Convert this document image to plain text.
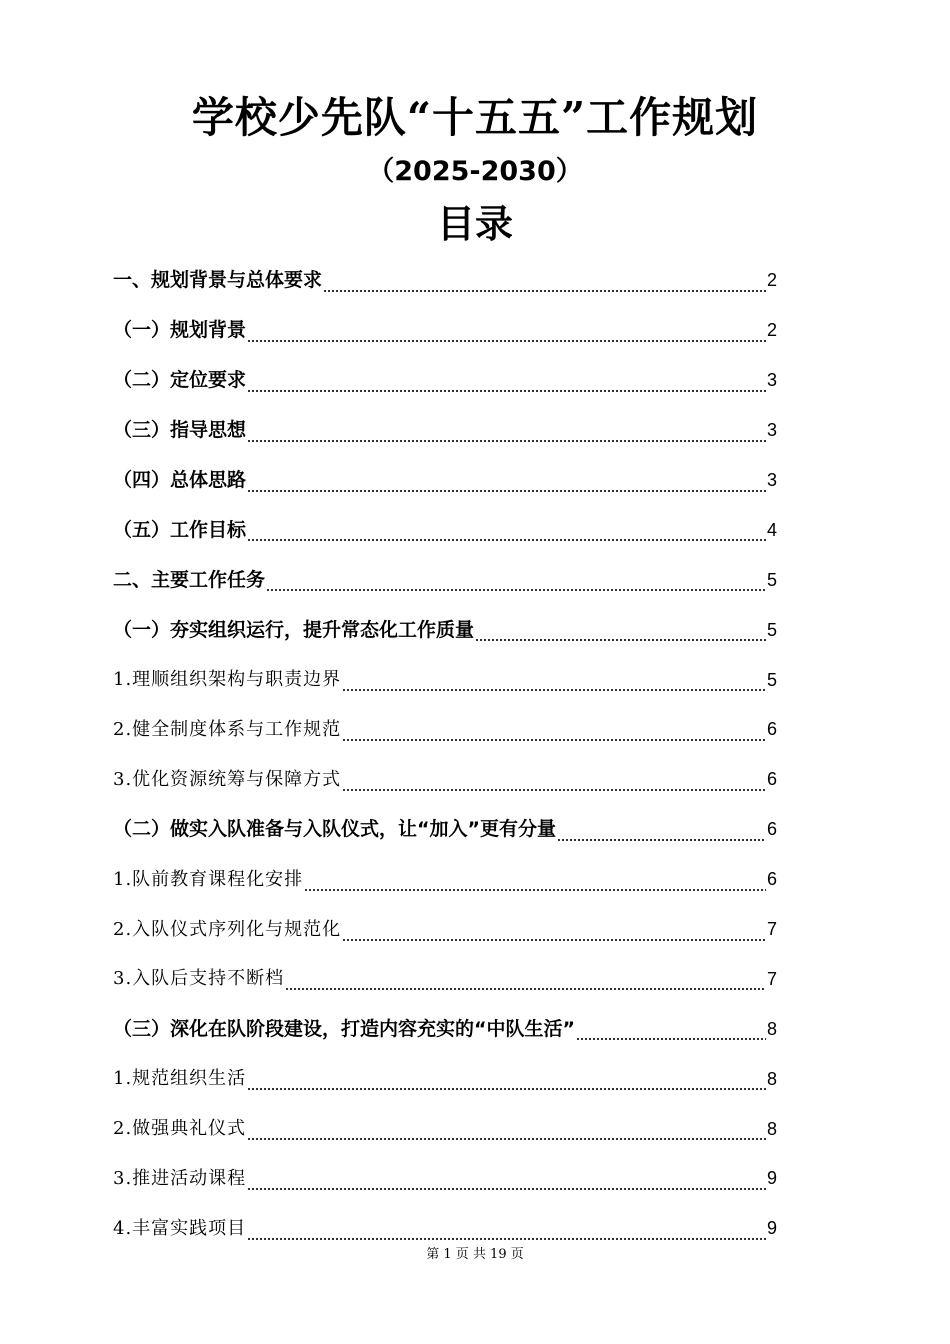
学校少先队“十五五”工作规划
（2025-2030）
目录
一、规划背景与总体要求	2
（一）规划背景	2
（二）定位要求	3
（三）指导思想	3
（四）总体思路	3
（五）工作目标	4
二、主要工作任务	5
（一）夯实组织运行，提升常态化工作质量	5
1.理顺组织架构与职责边界	5
2.健全制度体系与工作规范	6
3.优化资源统筹与保障方式	6
（二）做实入队准备与入队仪式，让“加入”更有分量	6
1.队前教育课程化安排	6
2.入队仪式序列化与规范化	7
3.入队后支持不断档	7
（三）深化在队阶段建设，打造内容充实的“中队生活”	8
1.规范组织生活	8
2.做强典礼仪式	8
3.推进活动课程	9
4.丰富实践项目	9
第 1 页 共 19 页
